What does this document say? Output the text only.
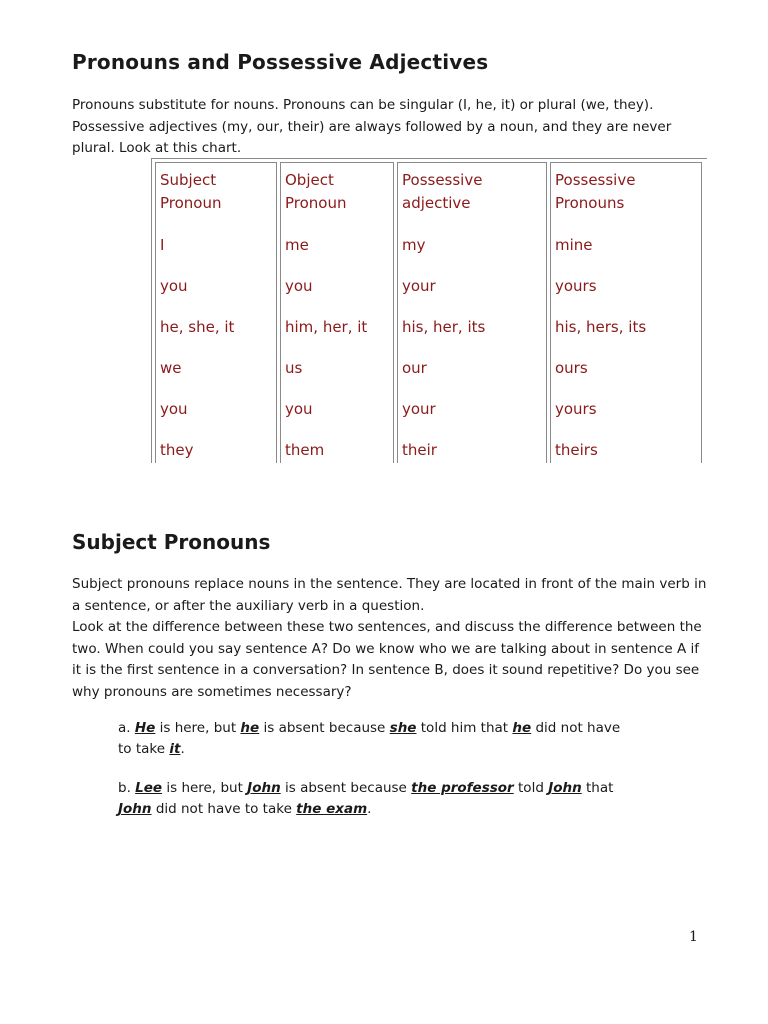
Pronouns and Possessive Adjectives
Pronouns substitute for nouns. Pronouns can be singular (I, he, it) or plural (we, they). Possessive adjectives (my, our, their) are always followed by a noun, and they are never plural. Look at this chart.
Subject
Pronoun
I
you
he, she, it
we
you
they
Object
Pronoun
me
you
him, her, it
us
you
them
Possessive
adjective
my
your
his, her, its
our
your
their
Possessive
Pronouns
mine
yours
his, hers, its
ours
yours
theirs
Subject Pronouns
Subject pronouns replace nouns in the sentence. They are located in front of the main verb in a sentence, or after the auxiliary verb in a question.
Look at the difference between these two sentences, and discuss the difference between the two. When could you say sentence A? Do we know who we are talking about in sentence A if it is the first sentence in a conversation? In sentence B, does it sound repetitive? Do you see why pronouns are sometimes necessary?
a. He is here, but he is absent because she told him that he did not have
to take it.
b. Lee is here, but John is absent because the professor told John that
John did not have to take the exam.
1
